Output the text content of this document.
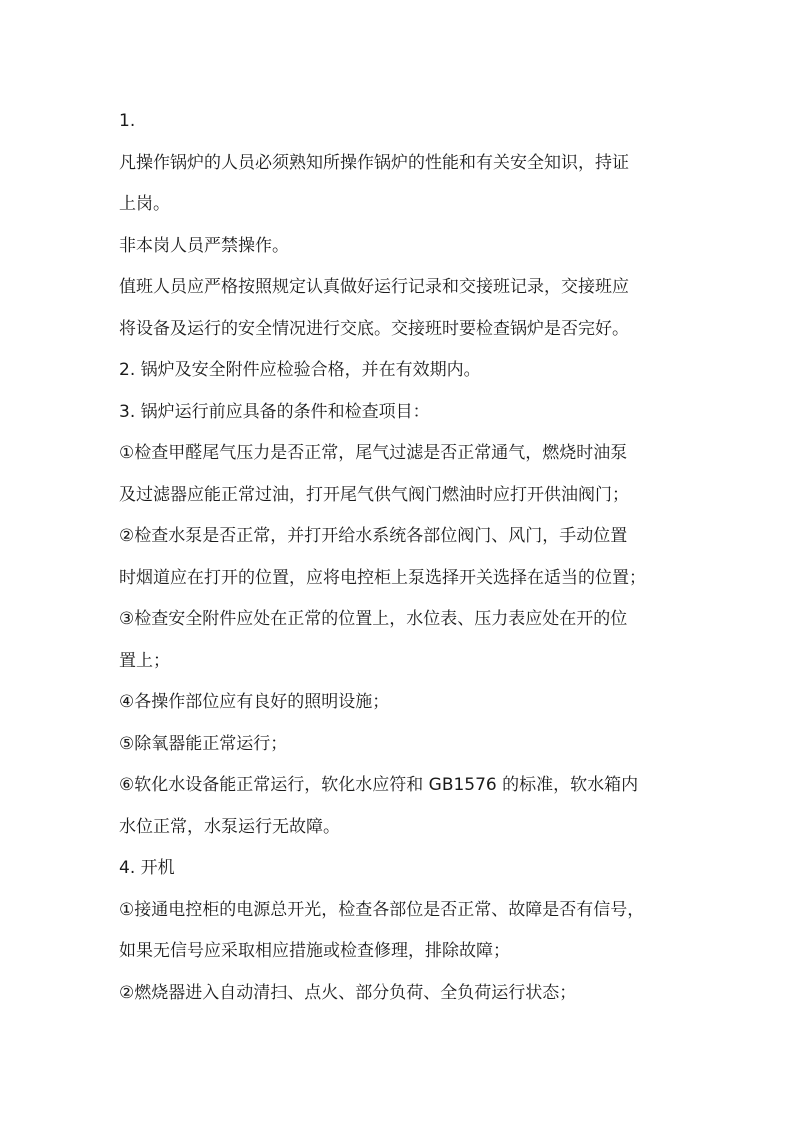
1.
凡操作锅炉的人员必须熟知所操作锅炉的性能和有关安全知识，持证
上岗。
非本岗人员严禁操作。
值班人员应严格按照规定认真做好运行记录和交接班记录，交接班应
将设备及运行的安全情况进行交底。交接班时要检查锅炉是否完好。
2. 锅炉及安全附件应检验合格，并在有效期内。
3. 锅炉运行前应具备的条件和检查项目：
①检查甲醛尾气压力是否正常，尾气过滤是否正常通气，燃烧时油泵
及过滤器应能正常过油，打开尾气供气阀门燃油时应打开供油阀门；
②检查水泵是否正常，并打开给水系统各部位阀门、风门，手动位置
时烟道应在打开的位置，应将电控柜上泵选择开关选择在适当的位置；
③检查安全附件应处在正常的位置上，水位表、压力表应处在开的位
置上；
④各操作部位应有良好的照明设施；
⑤除氧器能正常运行；
⑥软化水设备能正常运行，软化水应符和 GB1576 的标准，软水箱内
水位正常，水泵运行无故障。
4. 开机
①接通电控柜的电源总开光，检查各部位是否正常、故障是否有信号，
如果无信号应采取相应措施或检查修理，排除故障；
②燃烧器进入自动清扫、点火、部分负荷、全负荷运行状态；
